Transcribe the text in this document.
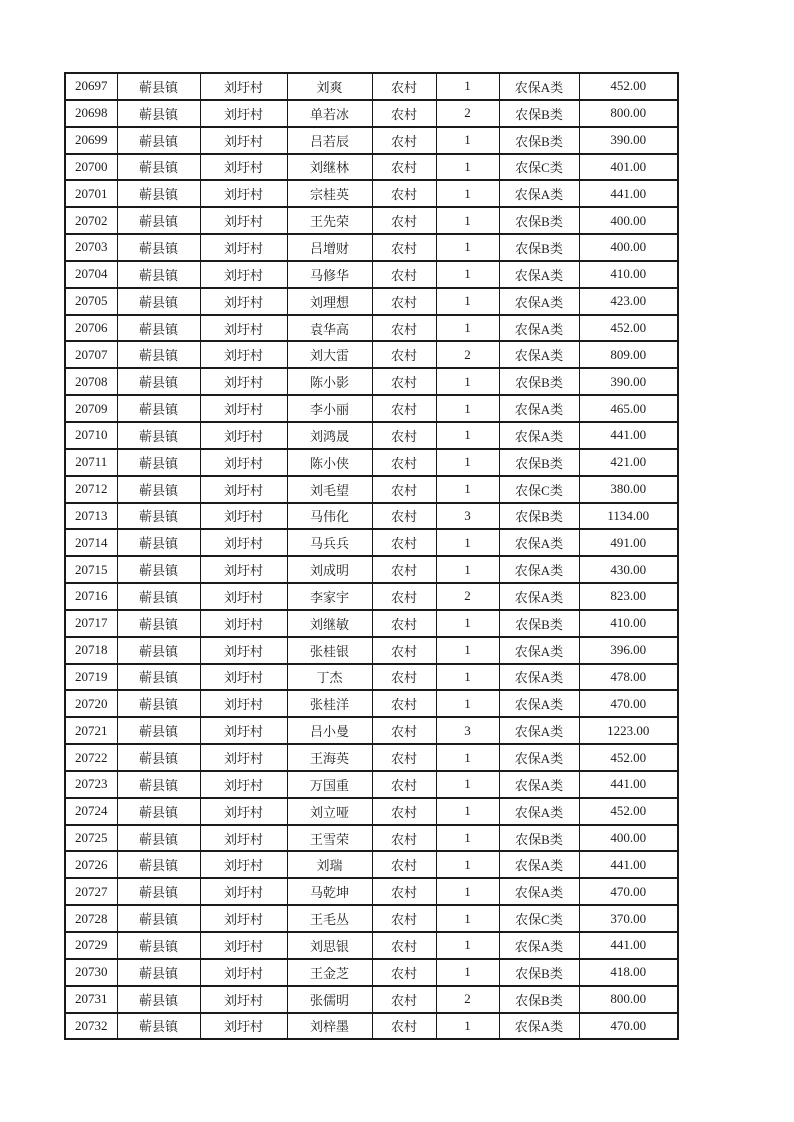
20697	蕲县镇	刘圩村	刘爽	农村	1	农保A类	452.00
20698	蕲县镇	刘圩村	单若冰	农村	2	农保B类	800.00
20699	蕲县镇	刘圩村	吕若辰	农村	1	农保B类	390.00
20700	蕲县镇	刘圩村	刘继林	农村	1	农保C类	401.00
20701	蕲县镇	刘圩村	宗桂英	农村	1	农保A类	441.00
20702	蕲县镇	刘圩村	王先荣	农村	1	农保B类	400.00
20703	蕲县镇	刘圩村	吕增财	农村	1	农保B类	400.00
20704	蕲县镇	刘圩村	马修华	农村	1	农保A类	410.00
20705	蕲县镇	刘圩村	刘理想	农村	1	农保A类	423.00
20706	蕲县镇	刘圩村	袁华高	农村	1	农保A类	452.00
20707	蕲县镇	刘圩村	刘大雷	农村	2	农保A类	809.00
20708	蕲县镇	刘圩村	陈小影	农村	1	农保B类	390.00
20709	蕲县镇	刘圩村	李小丽	农村	1	农保A类	465.00
20710	蕲县镇	刘圩村	刘鸿晟	农村	1	农保A类	441.00
20711	蕲县镇	刘圩村	陈小侠	农村	1	农保B类	421.00
20712	蕲县镇	刘圩村	刘毛望	农村	1	农保C类	380.00
20713	蕲县镇	刘圩村	马伟化	农村	3	农保B类	1134.00
20714	蕲县镇	刘圩村	马兵兵	农村	1	农保A类	491.00
20715	蕲县镇	刘圩村	刘成明	农村	1	农保A类	430.00
20716	蕲县镇	刘圩村	李家宇	农村	2	农保A类	823.00
20717	蕲县镇	刘圩村	刘继敏	农村	1	农保B类	410.00
20718	蕲县镇	刘圩村	张桂银	农村	1	农保A类	396.00
20719	蕲县镇	刘圩村	丁杰	农村	1	农保A类	478.00
20720	蕲县镇	刘圩村	张桂洋	农村	1	农保A类	470.00
20721	蕲县镇	刘圩村	吕小曼	农村	3	农保A类	1223.00
20722	蕲县镇	刘圩村	王海英	农村	1	农保A类	452.00
20723	蕲县镇	刘圩村	万国重	农村	1	农保A类	441.00
20724	蕲县镇	刘圩村	刘立哑	农村	1	农保A类	452.00
20725	蕲县镇	刘圩村	王雪荣	农村	1	农保B类	400.00
20726	蕲县镇	刘圩村	刘瑞	农村	1	农保A类	441.00
20727	蕲县镇	刘圩村	马乾坤	农村	1	农保A类	470.00
20728	蕲县镇	刘圩村	王毛丛	农村	1	农保C类	370.00
20729	蕲县镇	刘圩村	刘思银	农村	1	农保A类	441.00
20730	蕲县镇	刘圩村	王金芝	农村	1	农保B类	418.00
20731	蕲县镇	刘圩村	张儒明	农村	2	农保B类	800.00
20732	蕲县镇	刘圩村	刘梓墨	农村	1	农保A类	470.00
